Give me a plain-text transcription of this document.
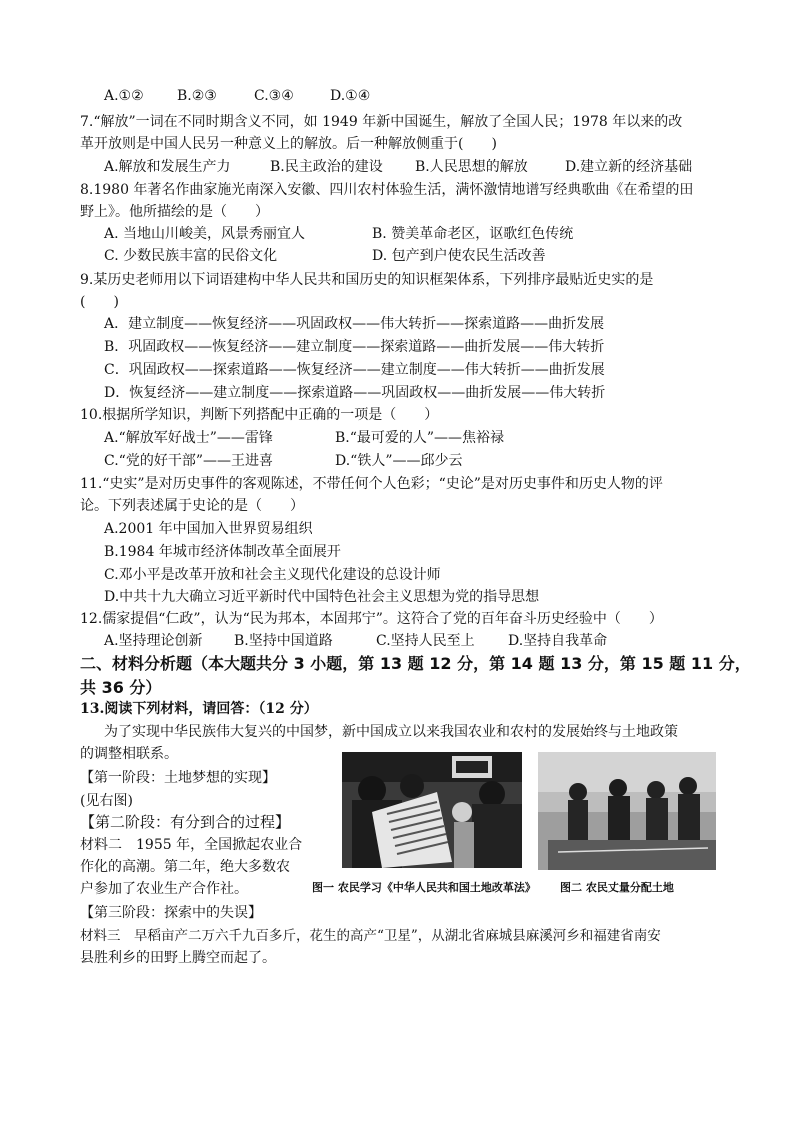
A.①② B.②③	C.③④	D.①④
7.“解放”一词在不同时期含义不同，如 1949 年新中国诞生，解放了全国人民；1978 年以来的改
革开放则是中国人民另一种意义上的解放。后一种解放侧重于(　　)
A.解放和发展生产力	B.民主政治的建设 B.人民思想的解放	D.建立新的经济基础
8.1980 年著名作曲家施光南深入安徽、四川农村体验生活，满怀激情地谱写经典歌曲《在希望的田
野上》。他所描绘的是（　　）
A. 当地山川峻美，风景秀丽宜人	B. 赞美革命老区，讴歌红色传统
C. 少数民族丰富的民俗文化	D. 包产到户使农民生活改善
9.某历史老师用以下词语建构中华人民共和国历史的知识框架体系，下列排序最贴近史实的是
(　　)
A．建立制度——恢复经济——巩固政权——伟大转折——探索道路——曲折发展
B．巩固政权——恢复经济——建立制度——探索道路——曲折发展——伟大转折
C．巩固政权——探索道路——恢复经济——建立制度——伟大转折——曲折发展
D．恢复经济——建立制度——探索道路——巩固政权——曲折发展——伟大转折
10.根据所学知识，判断下列搭配中正确的一项是（　　）
A.“解放军好战士”——雷锋	B.“最可爱的人”——焦裕禄
C.“党的好干部”——王进喜	D.“铁人”——邱少云
11.“史实”是对历史事件的客观陈述，不带任何个人色彩；“史论”是对历史事件和历史人物的评
论。下列表述属于史论的是（　　）
A.2001 年中国加入世界贸易组织
B.1984 年城市经济体制改革全面展开
C.邓小平是改革开放和社会主义现代化建设的总设计师
D.中共十九大确立习近平新时代中国特色社会主义思想为党的指导思想
12.儒家提倡“仁政”，认为“民为邦本，本固邦宁”。这符合了党的百年奋斗历史经验中（　　）
A.坚持理论创新 B.坚持中国道路	C.坚持人民至上 D.坚持自我革命
二、材料分析题（本大题共分 3 小题，第 13 题 12 分，第 14 题 13 分，第 15 题 11 分，
共 36 分）
13.阅读下列材料，请回答：（12 分）
为了实现中华民族伟大复兴的中国梦，新中国成立以来我国农业和农村的发展始终与土地政策
的调整相联系。
【第一阶段：土地梦想的实现】
(见右图)
【第二阶段：有分到合的过程】
材料二　1955 年，全国掀起农业合
作化的高潮。第二年，绝大多数农
户参加了农业生产合作社。
【第三阶段：探索中的失误】
材料三　早稻亩产二万六千九百多斤，花生的高产“卫星”，从湖北省麻城县麻溪河乡和福建省南安
县胜利乡的田野上腾空而起了。
图一 农民学习《中华人民共和国土地改革法》 图二 农民丈量分配土地
